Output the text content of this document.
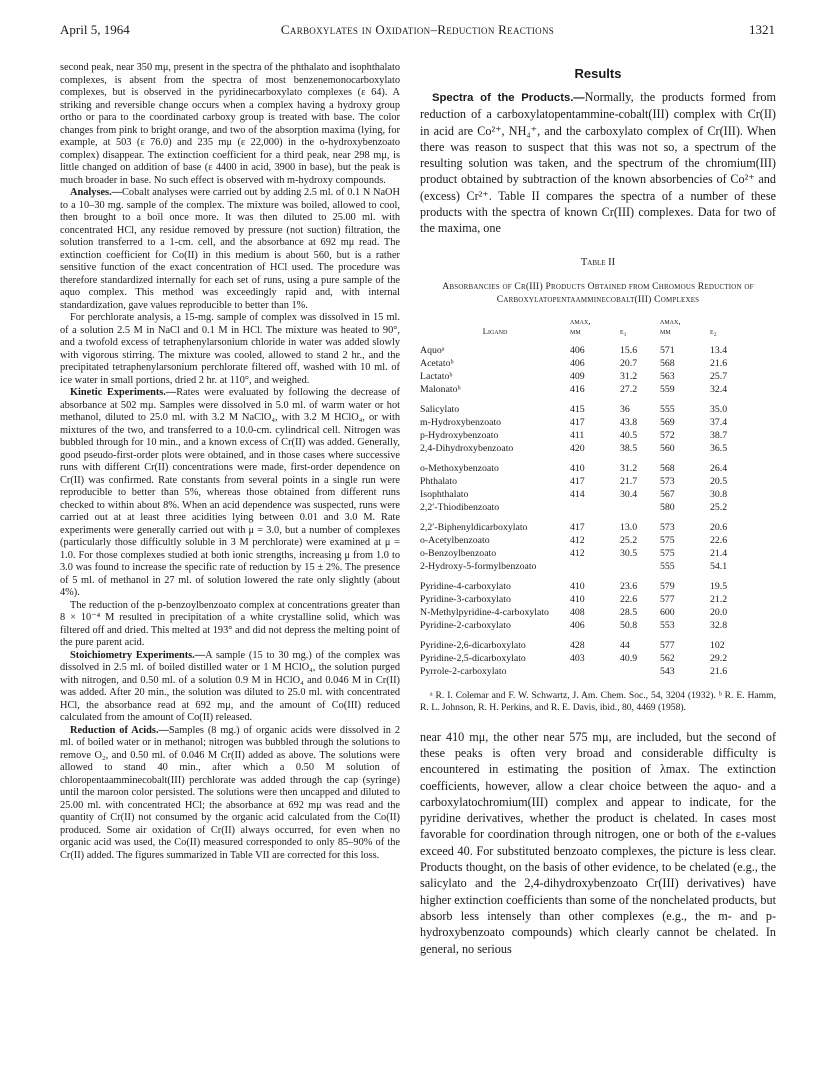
April 5, 1964	Carboxylates in Oxidation–Reduction Reactions	1321

second peak, near 350 mμ, present in the spectra of the phthalato and isophthalato complexes, is absent from the spectra of most benzenemonocarboxylato complexes, but is observed in the pyridinecarboxylato complexes (ε 64). A striking and reversible change occurs when a complex having a hydroxy group ortho or para to the coordinated carboxy group is treated with base. The color changes from pink to bright orange, and two of the absorption maxima (lying, for example, at 503 (ε 76.0) and 235 mμ (ε 22,000) in the o-hydroxybenzoato complex) disappear. The extinction coefficient for a third peak, near 298 mμ, is little changed on addition of base (ε 4400 in acid, 3900 in base), but the peak is much broader in base. No such effect is observed with m-hydroxy compounds.

Analyses.—Cobalt analyses were carried out by adding 2.5 ml. of 0.1 N NaOH to a 10–30 mg. sample of the complex. The mixture was boiled, allowed to cool, then brought to a boil once more. It was then diluted to 25.00 ml. with concentrated HCl, any residue removed by pressure (not suction) filtration, the solution transferred to a 1-cm. cell, and the absorbance at 692 mμ read. The extinction coefficient for Co(II) in this medium is about 560, but is a rather sensitive function of the exact concentration of HCl used. The procedure was therefore standardized internally for each set of runs, using a pure sample of the aquo complex. This method was exceedingly rapid and, with internal standardization, gave values reproducible to better than 1%.

For perchlorate analysis, a 15-mg. sample of complex was dissolved in 15 ml. of a solution 2.5 M in NaCl and 0.1 M in HCl. The mixture was heated to 90°, and a twofold excess of tetraphenylarsonium chloride in water was added slowly with vigorous stirring. The mixture was cooled, allowed to stand 2 hr., and the precipitated tetraphenylarsonium perchlorate filtered off, washed with 10 ml. of ice water in small portions, dried 2 hr. at 110°, and weighed.

Kinetic Experiments.—Rates were evaluated by following the decrease of absorbance at 502 mμ. Samples were dissolved in 5.0 ml. of warm water or hot methanol, diluted to 25.0 ml. with 3.2 M NaClO₄, with 3.2 M HClO₄, or with mixtures of the two, and transferred to a 10.0-cm. cylindrical cell. Nitrogen was bubbled through for 10 min., and a known excess of Cr(II) was added. Generally, good pseudo-first-order plots were obtained, and in those cases where successive runs with different Cr(II) concentrations were made, first-order dependence on Cr(II) was confirmed. Rate constants from several points in a single run were reproducible to better than 5%, whereas those obtained from different runs checked to within about 8%. When an acid dependence was suspected, runs were carried out at at least three acidities lying between 0.01 and 3.0 M. Rate experiments were generally carried out with μ = 3.0, but a number of complexes (particularly those difficultly soluble in 3 M perchlorate) were examined at μ = 1.0. For those complexes studied at both ionic strengths, increasing μ from 1.0 to 3.0 was found to increase the specific rate of reduction by 15 ± 2%. The presence of 5 ml. of methanol in 27 ml. of solution lowered the rate only slightly (about 4%).

The reduction of the p-benzoylbenzoato complex at concentrations greater than 8 × 10⁻⁴ M resulted in precipitation of a white crystalline solid, which was filtered off and dried. This melted at 193° and did not depress the melting point of the pure parent acid.

Stoichiometry Experiments.—A sample (15 to 30 mg.) of the complex was dissolved in 2.5 ml. of boiled distilled water or 1 M HClO₄, the solution purged with nitrogen, and 0.50 ml. of a solution 0.9 M in HClO₄ and 0.046 M in Cr(II) was added. After 20 min., the solution was diluted to 25.0 ml. with concentrated HCl, the absorbance read at 692 mμ, and the amount of Co(III) reduced calculated from the amount of Co(II) released.

Reduction of Acids.—Samples (8 mg.) of organic acids were dissolved in 2 ml. of boiled water or in methanol; nitrogen was bubbled through the solutions to remove O₂, and 0.50 ml. of 0.046 M Cr(II) added as above. The solutions were allowed to stand 40 min., after which a 0.50 M solution of chloropentaamminecobalt(III) perchlorate was added through the cap (syringe) until the maroon color persisted. The solutions were then uncapped and diluted to 25.00 ml. with concentrated HCl; the absorbance at 692 mμ was read and the quantity of Cr(II) not consumed by the organic acid calculated from the Co(II) produced. Some air oxidation of Cr(II) always occurred, for even when no organic acid was used, the Co(II) measured corresponded to only 85–90% of the Cr(II) added. The figures summarized in Table VII are corrected for this loss.

Results

Spectra of the Products.—Normally, the products formed from reduction of a carboxylatopentammine-cobalt(III) complex with Cr(II) in acid are Co²⁺, NH₄⁺, and the carboxylato complex of Cr(III). When there was reason to suspect that this was not so, a spectrum of the resulting solution was taken, and the spectrum of the chromium(III) product obtained by subtraction of the known absorbencies of Co²⁺ and (excess) Cr²⁺. Table II compares the spectra of a number of these products with the spectra of known Cr(III) complexes. Data for two of the maxima, one

Table II
Absorbancies of Cr(III) Products Obtained from Chromous Reduction of Carboxylatopentaamminecobalt(III) Complexes
Ligand	λmax,
mμ	ε₁	λmax,
mμ	ε₂

Aquoᵃ	406	15.6	571	13.4
Acetatoᵇ	406	20.7	568	21.6
Lactatoᵇ	409	31.2	563	25.7
Malonatoᵇ	416	27.2	559	32.4

Salicylato	415	36	555	35.0
m-Hydroxybenzoato	417	43.8	569	37.4
p-Hydroxybenzoato	411	40.5	572	38.7
2,4-Dihydroxybenzoato	420	38.5	560	36.5

o-Methoxybenzoato	410	31.2	568	26.4
Phthalato	417	21.7	573	20.5
Isophthalato	414	30.4	567	30.8
2,2′-Thiodibenzoato			580	25.2

2,2′-Biphenyldicarboxylato	417	13.0	573	20.6
o-Acetylbenzoato	412	25.2	575	22.6
o-Benzoylbenzoato	412	30.5	575	21.4
2-Hydroxy-5-formylbenzoato			555	54.1

Pyridine-4-carboxylato	410	23.6	579	19.5
Pyridine-3-carboxylato	410	22.6	577	21.2
N-Methylpyridine-4-carboxylato	408	28.5	600	20.0
Pyridine-2-carboxylato	406	50.8	553	32.8

Pyridine-2,6-dicarboxylato	428	44	577	102
Pyridine-2,5-dicarboxylato	403	40.9	562	29.2
Pyrrole-2-carboxylato			543	21.6

ᵃ R. I. Colemar and F. W. Schwartz, J. Am. Chem. Soc., 54, 3204 (1932). ᵇ R. E. Hamm, R. L. Johnson, R. H. Perkins, and R. E. Davis, ibid., 80, 4469 (1958).

near 410 mμ, the other near 575 mμ, are included, but the second of these peaks is often very broad and considerable difficulty is encountered in estimating the position of λmax. The extinction coefficients, however, allow a clear choice between the aquo- and a carboxylatochromium(III) complex and appear to indicate, for the pyridine derivatives, whether the product is chelated. In cases most favorable for coordination through nitrogen, one or both of the ε-values exceed 40. For substituted benzoato complexes, the picture is less clear. Products thought, on the basis of other evidence, to be chelated (e.g., the salicylato and the 2,4-dihydroxybenzoato Cr(III) derivatives) have higher extinction coefficients than some of the nonchelated products, but absorb less intensely than other complexes (e.g., the m- and p-hydroxybenzoato compounds) which clearly cannot be chelated. In general, no serious
